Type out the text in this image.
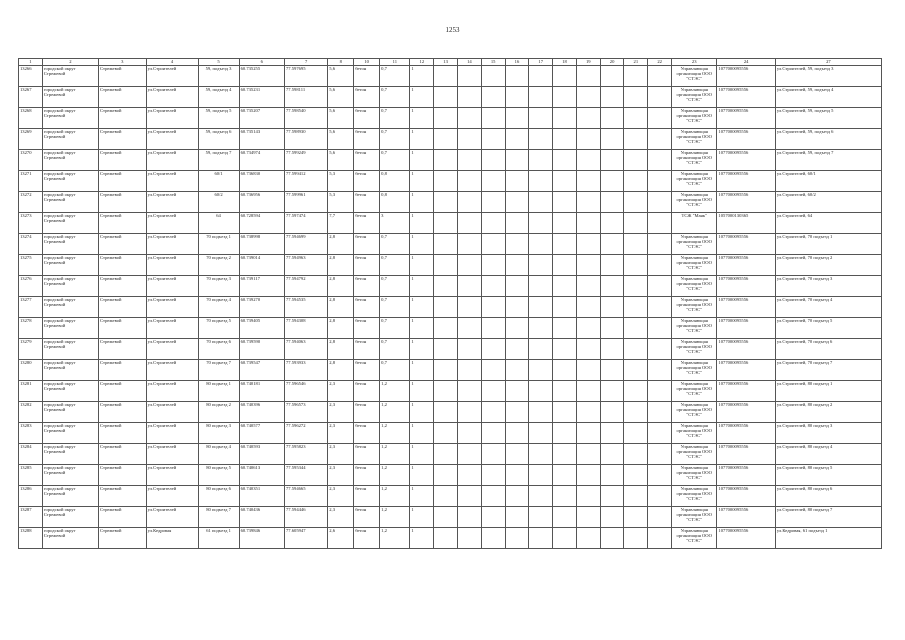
1253
1	2	3	4	5	6	7	8	10	11	12	13	14	15	16	17	18	19	20	21	22	23	24	27
13266	городской округ Стрежевой	Стрежевой	ул.Строителей	59, подъезд 3	60.735255	77.597695	5,6	бетон	0,7	1											Управляющая организация ООО "СТЭС"	1077000095556	ул.Строителей, 59, подъезд 3
13267	городской округ Стрежевой	Стрежевой	ул.Строителей	59, подъезд 4	60.735231	77.598111	5,6	бетон	0,7	1											Управляющая организация ООО "СТЭС"	1077000095556	ул.Строителей, 59, подъезд 4
13268	городской округ Стрежевой	Стрежевой	ул.Строителей	59, подъезд 5	60.735207	77.598540	5,6	бетон	0,7	1											Управляющая организация ООО "СТЭС"	1077000095556	ул.Строителей, 59, подъезд 5
13269	городской округ Стрежевой	Стрежевой	ул.Строителей	59, подъезд 6	60.735143	77.598930	5,6	бетон	0,7	1											Управляющая организация ООО "СТЭС"	1077000095556	ул.Строителей, 59, подъезд 6
13270	городской округ Стрежевой	Стрежевой	ул.Строителей	59, подъезд 7	60.734974	77.599249	5,6	бетон	0,7	1											Управляющая организация ООО "СТЭС"	1077000095556	ул.Строителей, 59, подъезд 7
13271	городской округ Стрежевой	Стрежевой	ул.Строителей	60/1	60.736830	77.599412	5,3	бетон	0,8	1											Управляющая организация ООО "СТЭС"	1077000095556	ул.Строителей, 60/1
13272	городской округ Стрежевой	Стрежевой	ул.Строителей	60/2	60.736956	77.599961	5,3	бетон	0,8	1											Управляющая организация ООО "СТЭС"	1077000095556	ул.Строителей, 60/2
13273	городской округ Стрежевой	Стрежевой	ул.Строителей	64	60.728594	77.597474	7,7	бетон	3	1											ТСЖ "Маяк"	1057000130365	ул.Строителей, 64
13274	городской округ Стрежевой	Стрежевой	ул.Строителей	70 подъезд 1	60.738998	77.594699	2,8	бетон	0,7	1											Управляющая организация ООО "СТЭС"	1077000095556	ул.Строителей, 70 подъезд 1
13275	городской округ Стрежевой	Стрежевой	ул.Строителей	70 подъезд 2	60.739014	77.594963	2,8	бетон	0,7	1											Управляющая организация ООО "СТЭС"	1077000095556	ул.Строителей, 70 подъезд 2
13276	городской округ Стрежевой	Стрежевой	ул.Строителей	70 подъезд 3	60.739117	77.594792	2,8	бетон	0,7	1											Управляющая организация ООО "СТЭС"	1077000095556	ул.Строителей, 70 подъезд 3
13277	городской округ Стрежевой	Стрежевой	ул.Строителей	70 подъезд 4	60.739270	77.594535	2,8	бетон	0,7	1											Управляющая организация ООО "СТЭС"	1077000095556	ул.Строителей, 70 подъезд 4
13278	городской округ Стрежевой	Стрежевой	ул.Строителей	70 подъезд 5	60.739405	77.594308	2,8	бетон	0,7	1											Управляющая организация ООО "СТЭС"	1077000095556	ул.Строителей, 70 подъезд 5
13279	городской округ Стрежевой	Стрежевой	ул.Строителей	70 подъезд 6	60.739590	77.594063	2,8	бетон	0,7	1											Управляющая организация ООО "СТЭС"	1077000095556	ул.Строителей, 70 подъезд 6
13280	городской округ Стрежевой	Стрежевой	ул.Строителей	70 подъезд 7	60.739547	77.593933	2,8	бетон	0,7	1											Управляющая организация ООО "СТЭС"	1077000095556	ул.Строителей, 70 подъезд 7
13281	городской округ Стрежевой	Стрежевой	ул.Строителей	80 подъезд 1	60.740181	77.596546	2,3	бетон	1,2	1											Управляющая организация ООО "СТЭС"	1077000095556	ул.Строителей, 80 подъезд 1
13282	городской округ Стрежевой	Стрежевой	ул.Строителей	80 подъезд 2	60.740396	77.596573	2,3	бетон	1,2	1											Управляющая организация ООО "СТЭС"	1077000095556	ул.Строителей, 80 подъезд 2
13283	городской округ Стрежевой	Стрежевой	ул.Строителей	80 подъезд 3	60.740577	77.596272	2,3	бетон	1,2	1											Управляющая организация ООО "СТЭС"	1077000095556	ул.Строителей, 80 подъезд 3
13284	городской округ Стрежевой	Стрежевой	ул.Строителей	80 подъезд 4	60.740593	77.595823	2,3	бетон	1,2	1											Управляющая организация ООО "СТЭС"	1077000095556	ул.Строителей, 80 подъезд 4
13285	городской округ Стрежевой	Стрежевой	ул.Строителей	80 подъезд 5	60.740613	77.595344	2,3	бетон	1,2	1											Управляющая организация ООО "СТЭС"	1077000095556	ул.Строителей, 80 подъезд 5
13286	городской округ Стрежевой	Стрежевой	ул.Строителей	80 подъезд 6	60.740351	77.594665	2,3	бетон	1,2	1											Управляющая организация ООО "СТЭС"	1077000095556	ул.Строителей, 80 подъезд 6
13287	городской округ Стрежевой	Стрежевой	ул.Строителей	80 подъезд 7	60.740436	77.594446	2,3	бетон	1,2	1											Управляющая организация ООО "СТЭС"	1077000095556	ул.Строителей, 80 подъезд 7
13288	городской округ Стрежевой	Стрежевой	ул.Кедровая	61 подъезд 1	60.739846	77.605947	2,6	бетон	1,2	1											Управляющая организация ООО "СТЭС"	1077000095556	ул.Кедровая, 61 подъезд 1
